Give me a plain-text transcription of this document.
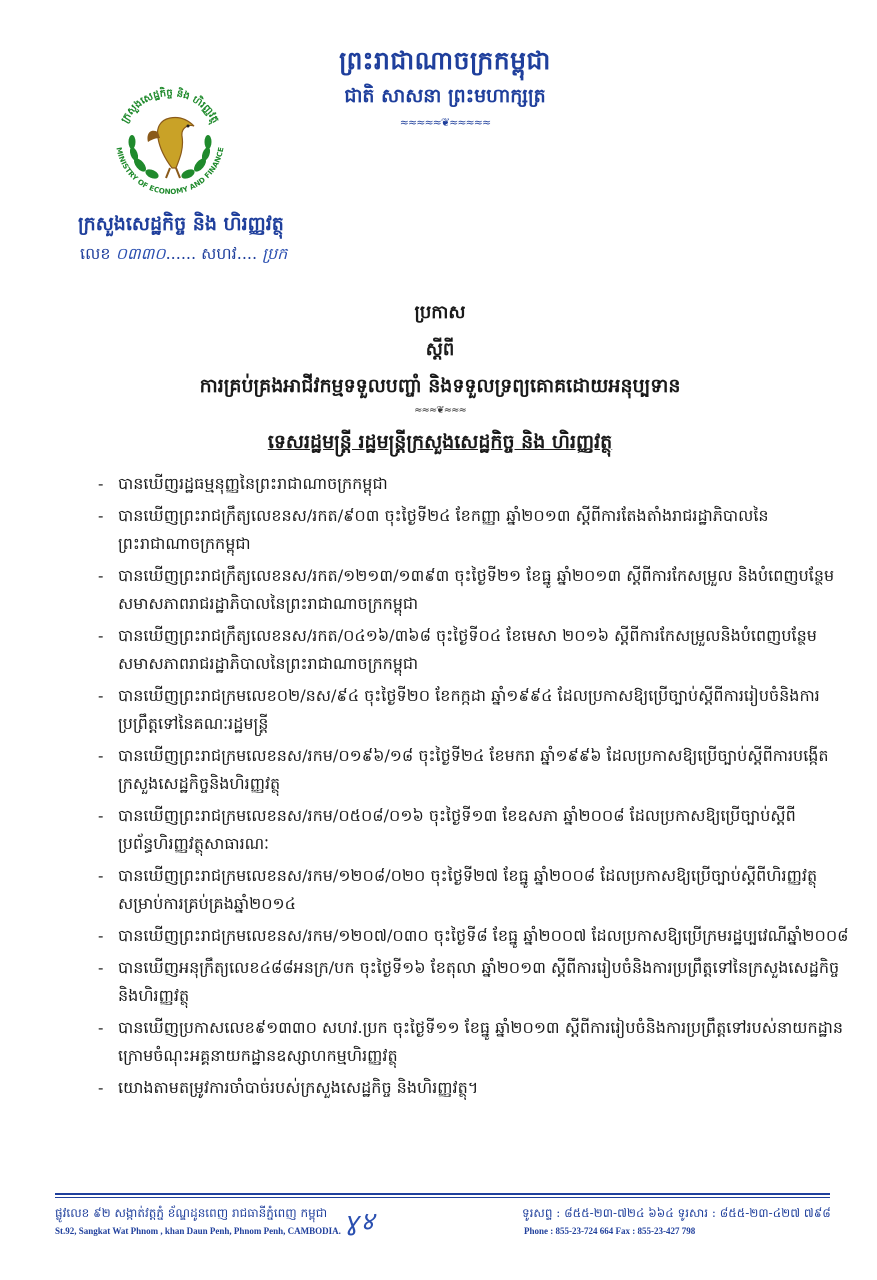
ព្រះរាជាណាចក្រកម្ពុជា
ជាតិ សាសនា ព្រះមហាក្សត្រ
≈≈≈≈≈❦≈≈≈≈≈
ក្រសួងសេដ្ឋកិច្ច និង ហិរញ្ញវត្ថុ
MINISTRY OF ECONOMY AND FINANCE
ក្រសួងសេដ្ឋកិច្ច និង ហិរញ្ញវត្ថុ
លេខ ០៣៣០...... សហវ.... ប្រក
ប្រកាស
ស្ដីពី
ការគ្រប់គ្រងអាជីវកម្មទទួលបញ្ចាំ និងទទួលទ្រព្យគោគដោយអនុប្បទាន
≈≈≈❦≈≈≈
ទេសរដ្ឋមន្ត្រី រដ្ឋមន្ត្រីក្រសួងសេដ្ឋកិច្ច និង ហិរញ្ញវត្ថុ
- បានឃើញរដ្ឋធម្មនុញ្ញនៃព្រះរាជាណាចក្រកម្ពុជា
- បានឃើញព្រះរាជក្រឹត្យលេខនស/រកត/៩០៣ ចុះថ្ងៃទី២៤ ខែកញ្ញា ឆ្នាំ២០១៣ ស្ដីពីការតែងតាំងរាជរដ្ឋាភិបាលនៃព្រះរាជាណាចក្រកម្ពុជា
- បានឃើញព្រះរាជក្រឹត្យលេខនស/រកត/១២១៣/១៣៩៣ ចុះថ្ងៃទី២១ ខែធ្នូ ឆ្នាំ២០១៣ ស្ដីពីការកែសម្រួល និងបំពេញបន្ថែមសមាសភាពរាជរដ្ឋាភិបាលនៃព្រះរាជាណាចក្រកម្ពុជា
- បានឃើញព្រះរាជក្រឹត្យលេខនស/រកត/០៤១៦/៣៦៨ ចុះថ្ងៃទី០៤ ខែមេសា ២០១៦ ស្ដីពីការកែសម្រួលនិងបំពេញបន្ថែមសមាសភាពរាជរដ្ឋាភិបាលនៃព្រះរាជាណាចក្រកម្ពុជា
- បានឃើញព្រះរាជក្រមលេខ០២/នស/៩៤ ចុះថ្ងៃទី២០ ខែកក្កដា ឆ្នាំ១៩៩៤ ដែលប្រកាសឱ្យប្រើច្បាប់ស្ដីពីការរៀបចំនិងការប្រព្រឹត្តទៅនៃគណៈរដ្ឋមន្ត្រី
- បានឃើញព្រះរាជក្រមលេខនស/រកម/០១៩៦/១៨ ចុះថ្ងៃទី២៤ ខែមករា ឆ្នាំ១៩៩៦ ដែលប្រកាសឱ្យប្រើច្បាប់ស្ដីពីការបង្កើតក្រសួងសេដ្ឋកិច្ចនិងហិរញ្ញវត្ថុ
- បានឃើញព្រះរាជក្រមលេខនស/រកម/០៥០៨/០១៦ ចុះថ្ងៃទី១៣ ខែឧសភា ឆ្នាំ២០០៨ ដែលប្រកាសឱ្យប្រើច្បាប់ស្ដីពីប្រព័ន្ធហិរញ្ញវត្ថុសាធារណៈ
- បានឃើញព្រះរាជក្រមលេខនស/រកម/១២០៨/០២០ ចុះថ្ងៃទី២៧ ខែធ្នូ ឆ្នាំ២០០៨ ដែលប្រកាសឱ្យប្រើច្បាប់ស្ដីពីហិរញ្ញវត្ថុសម្រាប់ការគ្រប់គ្រងឆ្នាំ២០១៤
- បានឃើញព្រះរាជក្រមលេខនស/រកម/១២០៧/០៣០ ចុះថ្ងៃទី៨ ខែធ្នូ ឆ្នាំ២០០៧ ដែលប្រកាសឱ្យប្រើក្រមរដ្ឋប្បវេណីឆ្នាំ២០០៨
- បានឃើញអនុក្រឹត្យលេខ៤៨៨អនក្រ/បក ចុះថ្ងៃទី១៦ ខែតុលា ឆ្នាំ២០១៣ ស្ដីពីការរៀបចំនិងការប្រព្រឹត្តទៅនៃក្រសួងសេដ្ឋកិច្ចនិងហិរញ្ញវត្ថុ
- បានឃើញប្រកាសលេខ៩១៣៣០ សហវ.ប្រក ចុះថ្ងៃទី១១ ខែធ្នូ ឆ្នាំ២០១៣ ស្ដីពីការរៀបចំនិងការប្រព្រឹត្តទៅរបស់នាយកដ្ឋានក្រោមចំណុះអគ្គនាយកដ្ឋានឧស្សាហកម្មហិរញ្ញវត្ថុ
- យោងតាមតម្រូវការចាំបាច់របស់ក្រសួងសេដ្ឋកិច្ច និងហិរញ្ញវត្ថុ។
ផ្លូវលេខ ៩២ សង្កាត់វត្តភ្នំ ខ័ណ្ឌដូនពេញ រាជធានីភ្នំពេញ កម្ពុជា
St.92, Sangkat Wat Phnom , khan Daun Penh, Phnom Penh, CAMBODIA. ɣ४	ទូរសព្ទ : ៨៥៥-២៣-៧២៤ ៦៦៤ ទូរសារ : ៨៥៥-២៣-៤២៧ ៧៩៨
Phone : 855-23-724 664 Fax : 855-23-427 798
